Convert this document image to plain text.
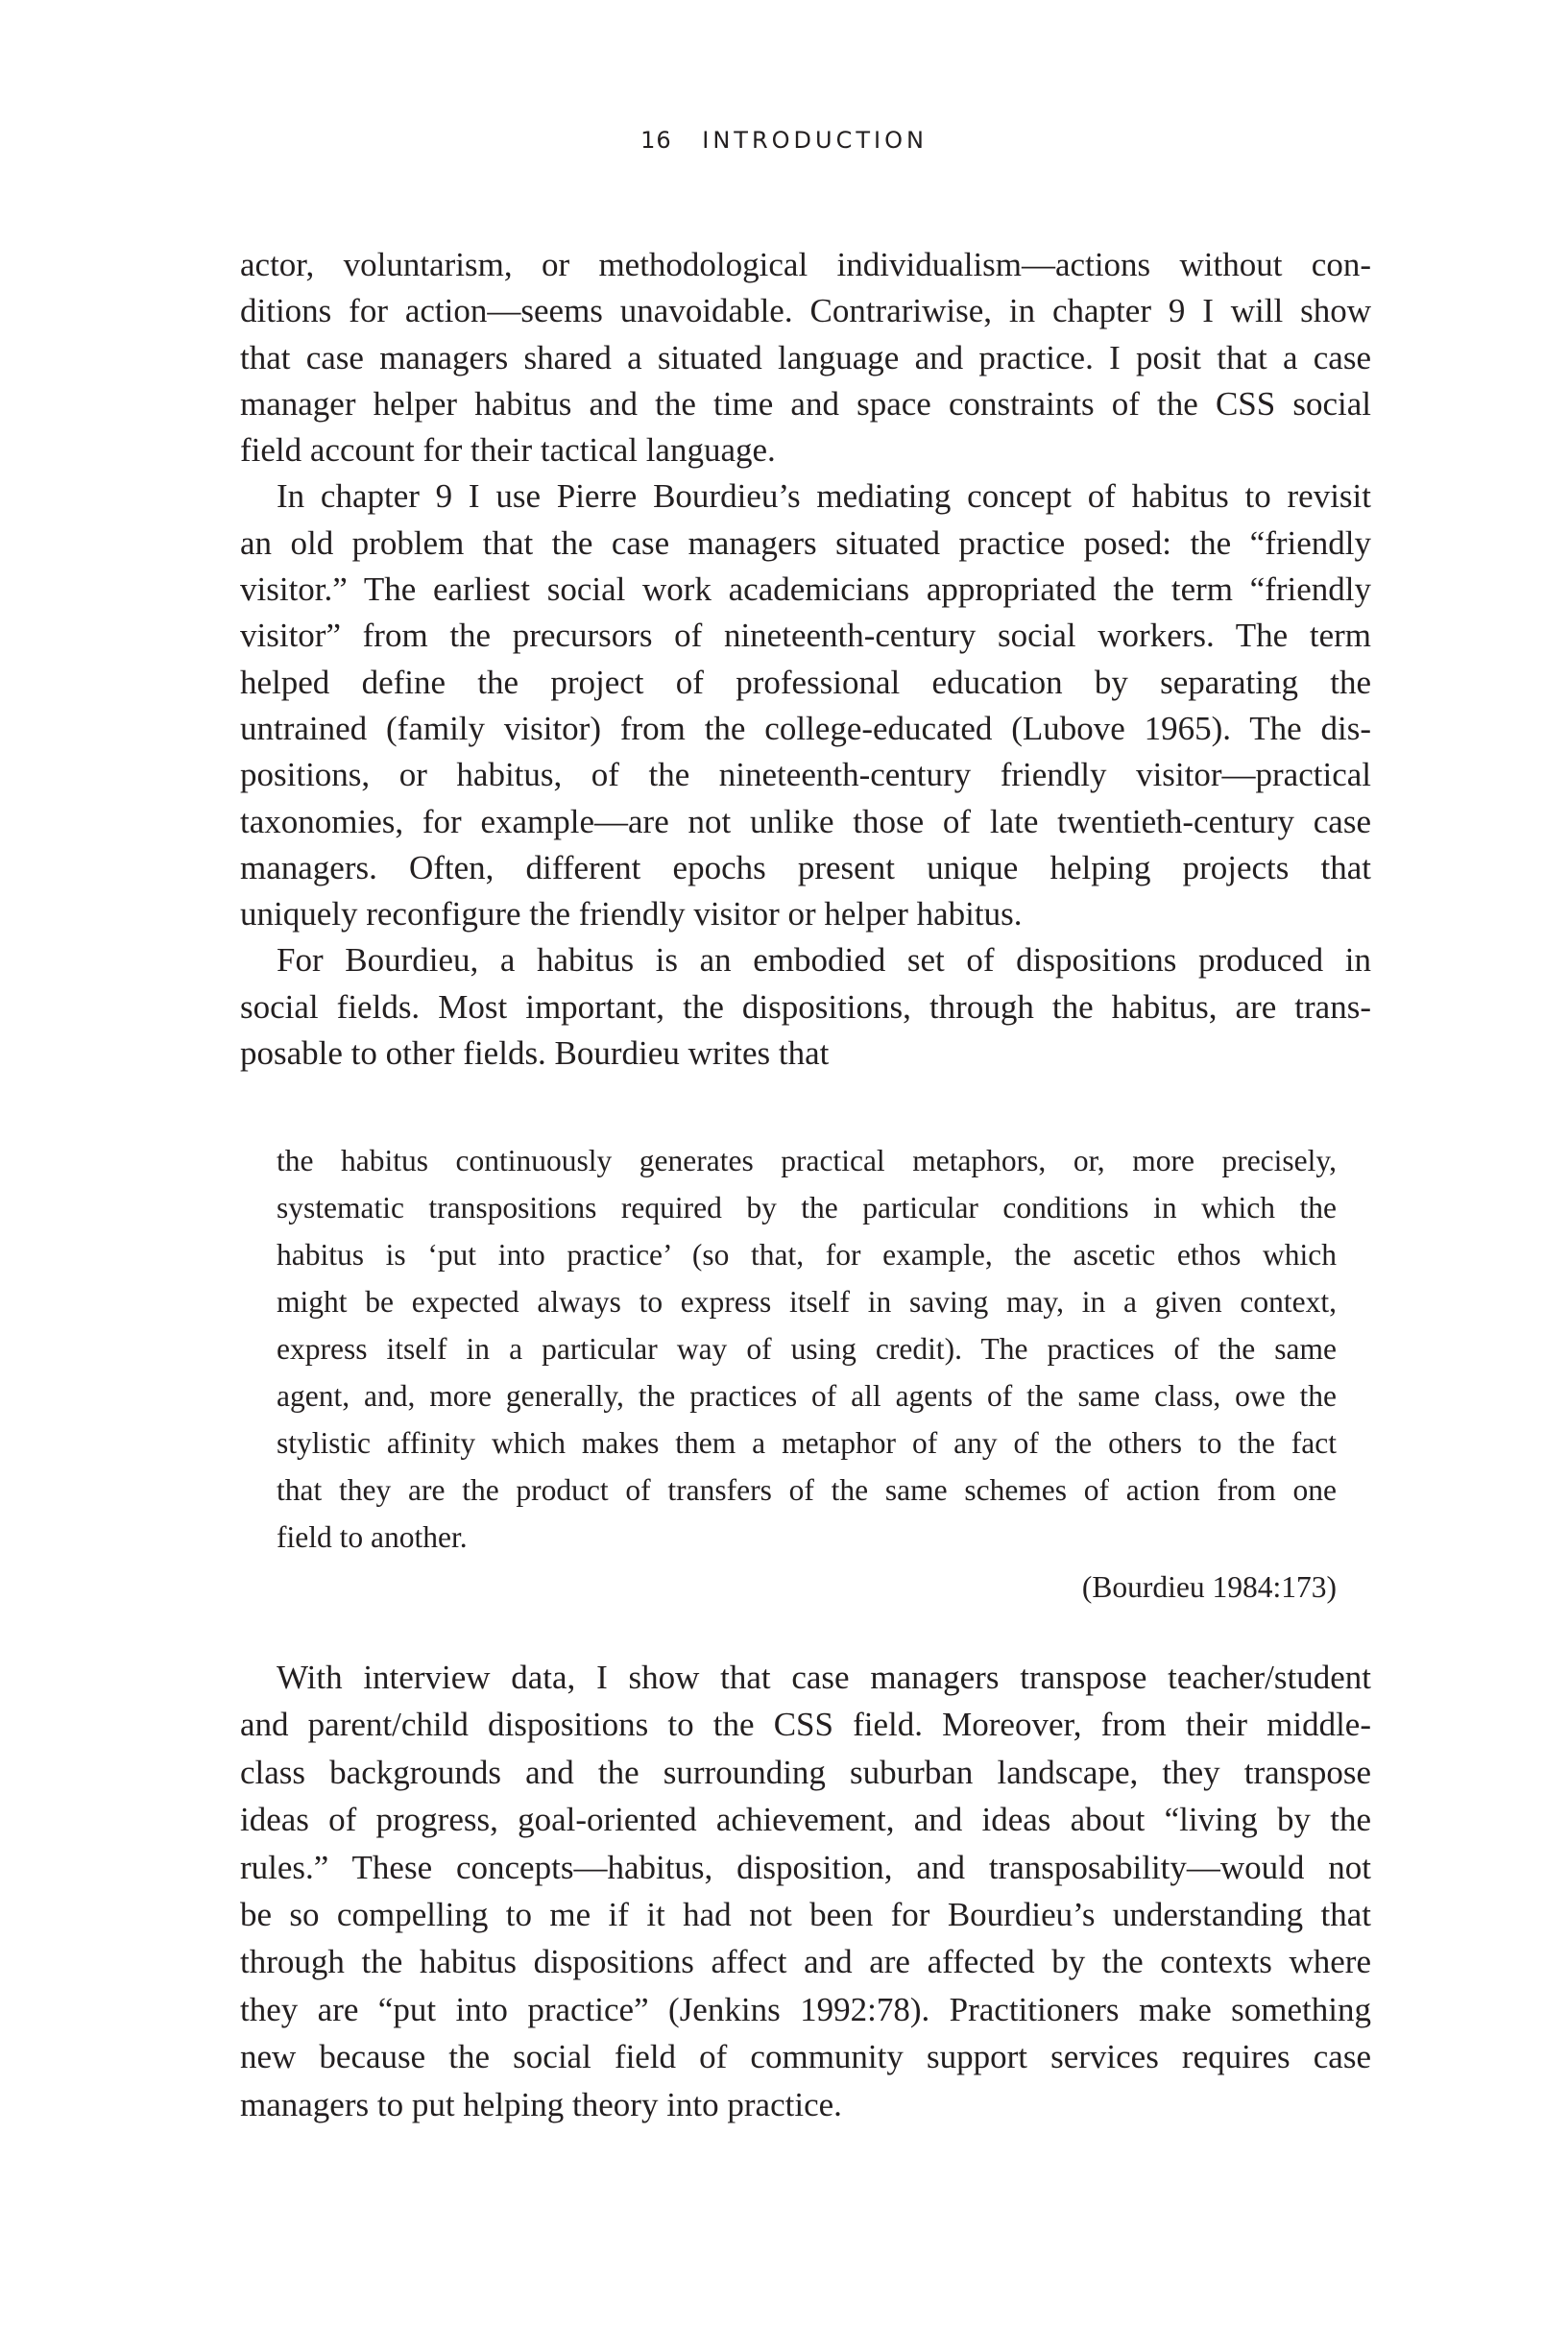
16 INTRODUCTION
actor, voluntarism, or methodological individualism—actions without con-
ditions for action—seems unavoidable. Contrariwise, in chapter 9 I will show
that case managers shared a situated language and practice. I posit that a case
manager helper habitus and the time and space constraints of the CSS social
field account for their tactical language.
In chapter 9 I use Pierre Bourdieu’s mediating concept of habitus to revisit
an old problem that the case managers situated practice posed: the “friendly
visitor.” The earliest social work academicians appropriated the term “friendly
visitor” from the precursors of nineteenth-century social workers. The term
helped define the project of professional education by separating the
untrained (family visitor) from the college-educated (Lubove 1965). The dis-
positions, or habitus, of the nineteenth-century friendly visitor—practical
taxonomies, for example—are not unlike those of late twentieth-century case
managers. Often, different epochs present unique helping projects that
uniquely reconfigure the friendly visitor or helper habitus.
For Bourdieu, a habitus is an embodied set of dispositions produced in
social fields. Most important, the dispositions, through the habitus, are trans-
posable to other fields. Bourdieu writes that
the habitus continuously generates practical metaphors, or, more precisely,
systematic transpositions required by the particular conditions in which the
habitus is ‘put into practice’ (so that, for example, the ascetic ethos which
might be expected always to express itself in saving may, in a given context,
express itself in a particular way of using credit). The practices of the same
agent, and, more generally, the practices of all agents of the same class, owe the
stylistic affinity which makes them a metaphor of any of the others to the fact
that they are the product of transfers of the same schemes of action from one
field to another.
(Bourdieu 1984:173)
With interview data, I show that case managers transpose teacher/student
and parent/child dispositions to the CSS field. Moreover, from their middle-
class backgrounds and the surrounding suburban landscape, they transpose
ideas of progress, goal-oriented achievement, and ideas about “living by the
rules.” These concepts—habitus, disposition, and transposability—would not
be so compelling to me if it had not been for Bourdieu’s understanding that
through the habitus dispositions affect and are affected by the contexts where
they are “put into practice” (Jenkins 1992:78). Practitioners make something
new because the social field of community support services requires case
managers to put helping theory into practice.
